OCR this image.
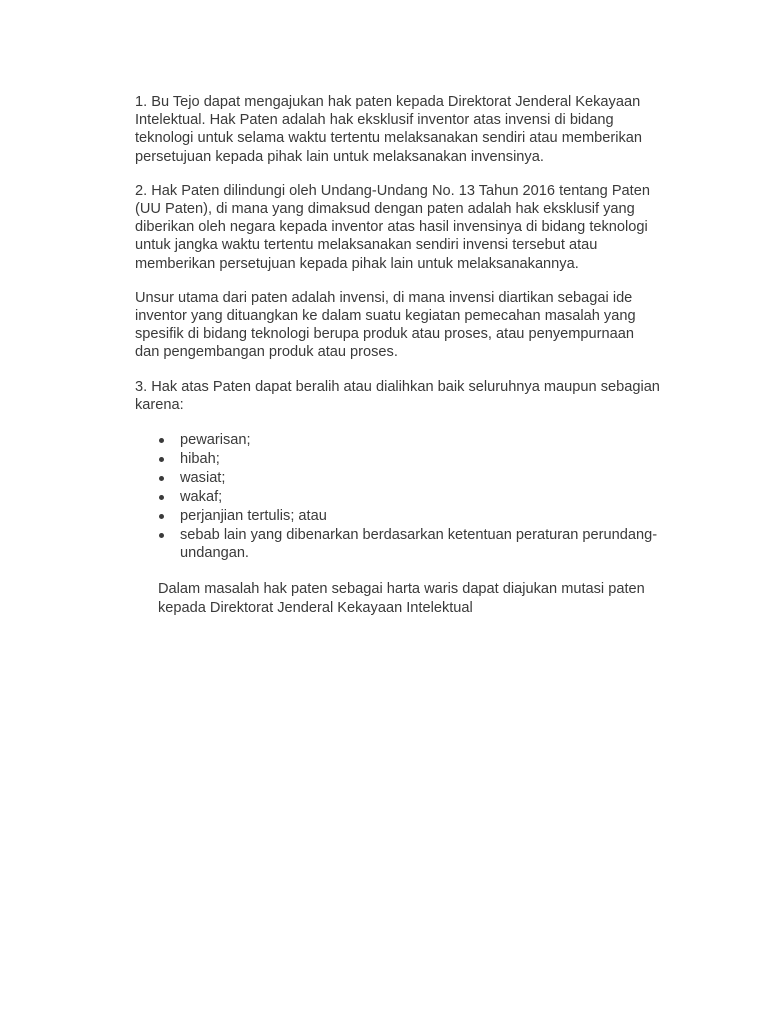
1. Bu Tejo dapat mengajukan hak paten kepada Direktorat Jenderal Kekayaan
Intelektual. Hak Paten adalah hak eksklusif inventor atas invensi di bidang
teknologi untuk selama waktu tertentu melaksanakan sendiri atau memberikan
persetujuan kepada pihak lain untuk melaksanakan invensinya.

2. Hak Paten dilindungi oleh Undang-Undang No. 13 Tahun 2016 tentang Paten
(UU Paten), di mana yang dimaksud dengan paten adalah hak eksklusif yang
diberikan oleh negara kepada inventor atas hasil invensinya di bidang teknologi
untuk jangka waktu tertentu melaksanakan sendiri invensi tersebut atau
memberikan persetujuan kepada pihak lain untuk melaksanakannya.

Unsur utama dari paten adalah invensi, di mana invensi diartikan sebagai ide
inventor yang dituangkan ke dalam suatu kegiatan pemecahan masalah yang
spesifik di bidang teknologi berupa produk atau proses, atau penyempurnaan
dan pengembangan produk atau proses.

3. Hak atas Paten dapat beralih atau dialihkan baik seluruhnya maupun sebagian
karena:

pewarisan;
hibah;
wasiat;
wakaf;
perjanjian tertulis; atau
sebab lain yang dibenarkan berdasarkan ketentuan peraturan perundang-
undangan.

Dalam masalah hak paten sebagai harta waris dapat diajukan mutasi paten
kepada Direktorat Jenderal Kekayaan Intelektual
